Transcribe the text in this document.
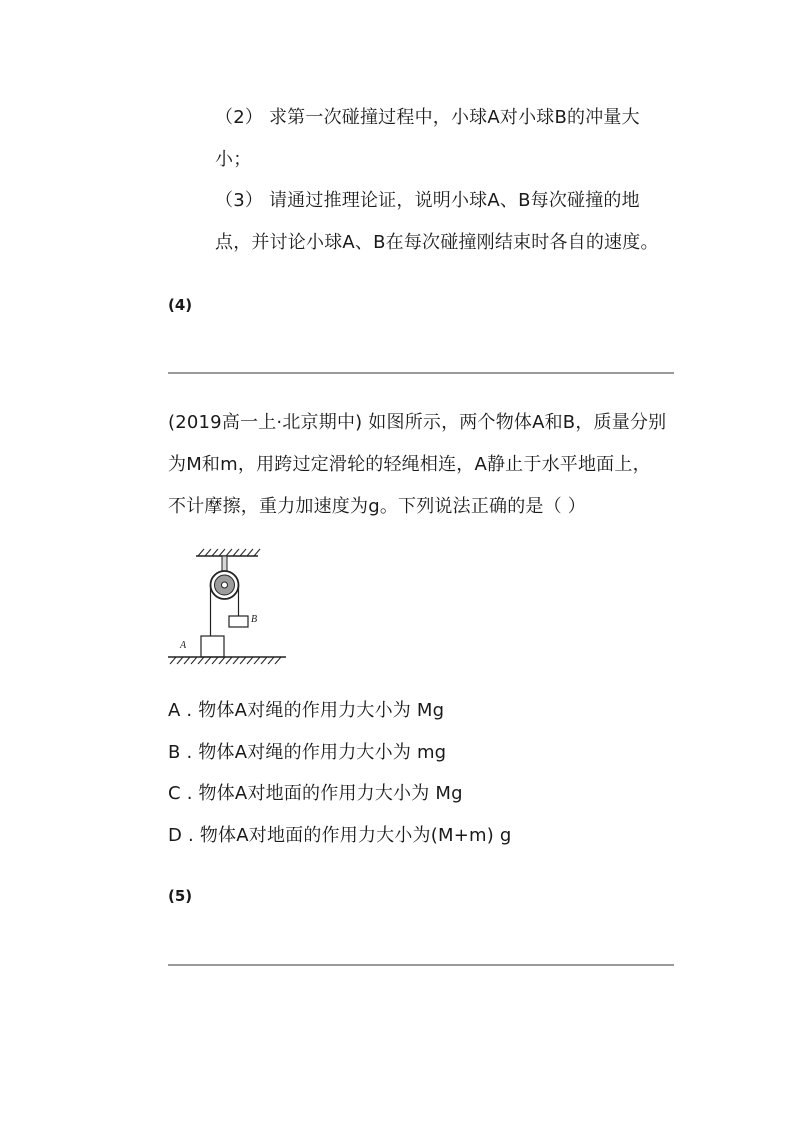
（2） 求第一次碰撞过程中，小球A对小球B的冲量大
小；
（3） 请通过推理论证，说明小球A、B每次碰撞的地
点，并讨论小球A、B在每次碰撞刚结束时各自的速度。
(4)
(2019高一上·北京期中) 如图所示，两个物体A和B，质量分别
为M和m，用跨过定滑轮的轻绳相连，A静止于水平地面上，
不计摩擦，重力加速度为g。下列说法正确的是（ ）
B
A
A . 物体A对绳的作用力大小为 Mg
B . 物体A对绳的作用力大小为 mg
C . 物体A对地面的作用力大小为 Mg
D . 物体A对地面的作用力大小为(M+m) g
(5)
